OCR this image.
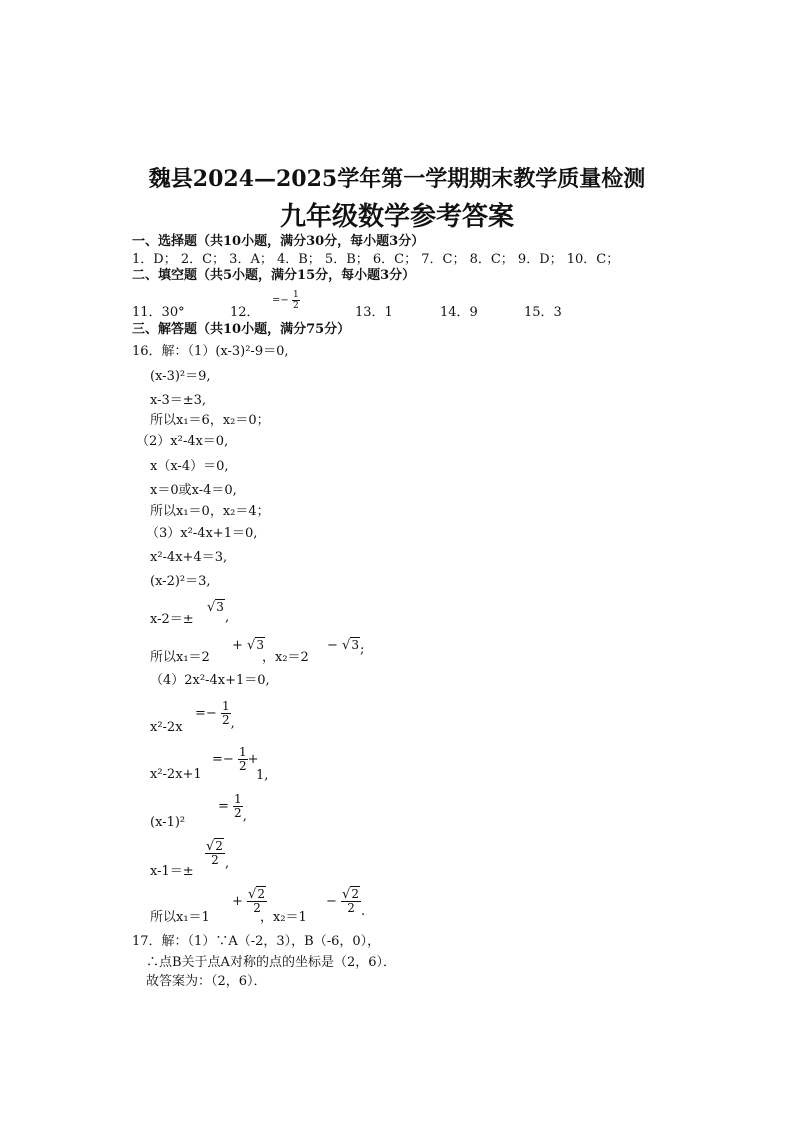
魏县2024—2025学年第一学期期末教学质量检测
九年级数学参考答案
一、选择题（共10小题，满分30分，每小题3分）
1．D； 2．C； 3．A； 4．B； 5．B； 6．C； 7．C； 8．C； 9．D； 10．C；
二、填空题（共5小题，满分15分，每小题3分）
11．30°	12．
=− $\frac{1}{2}$
13．1	14．9	15．3
三、解答题（共10小题，满分75分）
16．解：（1）(x-3)²-9＝0,
(x-3)²＝9,
x-3＝±3,
所以x₁＝6，x₂＝0；
（2）x²-4x＝0,
x（x-4）＝0,
x＝0或x-4＝0,
所以x₁＝0，x₂＝4；
（3）x²-4x+1＝0,
x²-4x+4＝3,
(x-2)²＝3,
x-2＝±
√3,
所以x₁＝2
+ √3
，x₂＝2
− √3;
（4）2x²-4x+1＝0,
x²-2x
=− $\frac{1}{2}$ ,
x²-2x+1
=− $\frac{1}{2}$ +
1,
(x-1)²
= $\frac{1}{2}$ ,
x-1＝±
$\frac{√2}{2}$ ,
所以x₁＝1
+ $\frac{√2}{2}$
，x₂＝1
− $\frac{√2}{2}$ .
17．解：（1）∵A（-2，3），B（-6，0），
∴点B关于点A对称的点的坐标是（2，6）．
故答案为：（2，6）．
